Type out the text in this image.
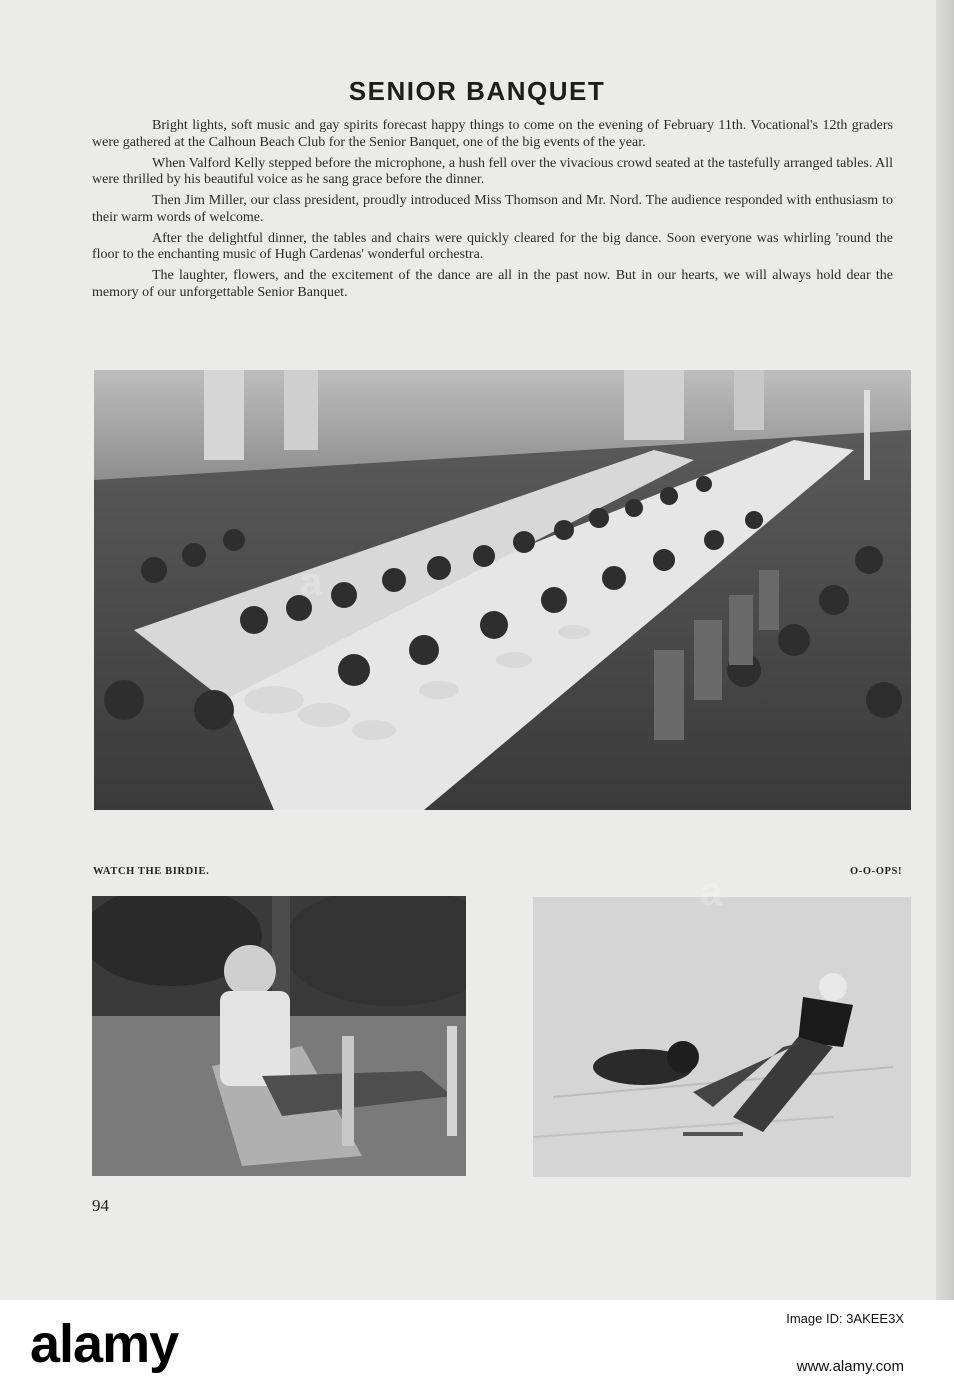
SENIOR BANQUET

Bright lights, soft music and gay spirits forecast happy things to come on the evening of February 11th. Vocational's 12th graders were gathered at the Calhoun Beach Club for the Senior Banquet, one of the big events of the year.

When Valford Kelly stepped before the microphone, a hush fell over the vivacious crowd seated at the tastefully arranged tables. All were thrilled by his beautiful voice as he sang grace before the dinner.

Then Jim Miller, our class president, proudly introduced Miss Thomson and Mr. Nord. The audience responded with enthusiasm to their warm words of welcome.

After the delightful dinner, the tables and chairs were quickly cleared for the big dance. Soon everyone was whirling 'round the floor to the enchanting music of Hugh Cardenas' wonderful orchestra.

The laughter, flowers, and the excitement of the dance are all in the past now. But in our hearts, we will always hold dear the memory of our unforgettable Senior Banquet.

WATCH THE BIRDIE.	O-O-OPS!

94

a
a
alamy	Image ID: 3AKEE3X
www.alamy.com
